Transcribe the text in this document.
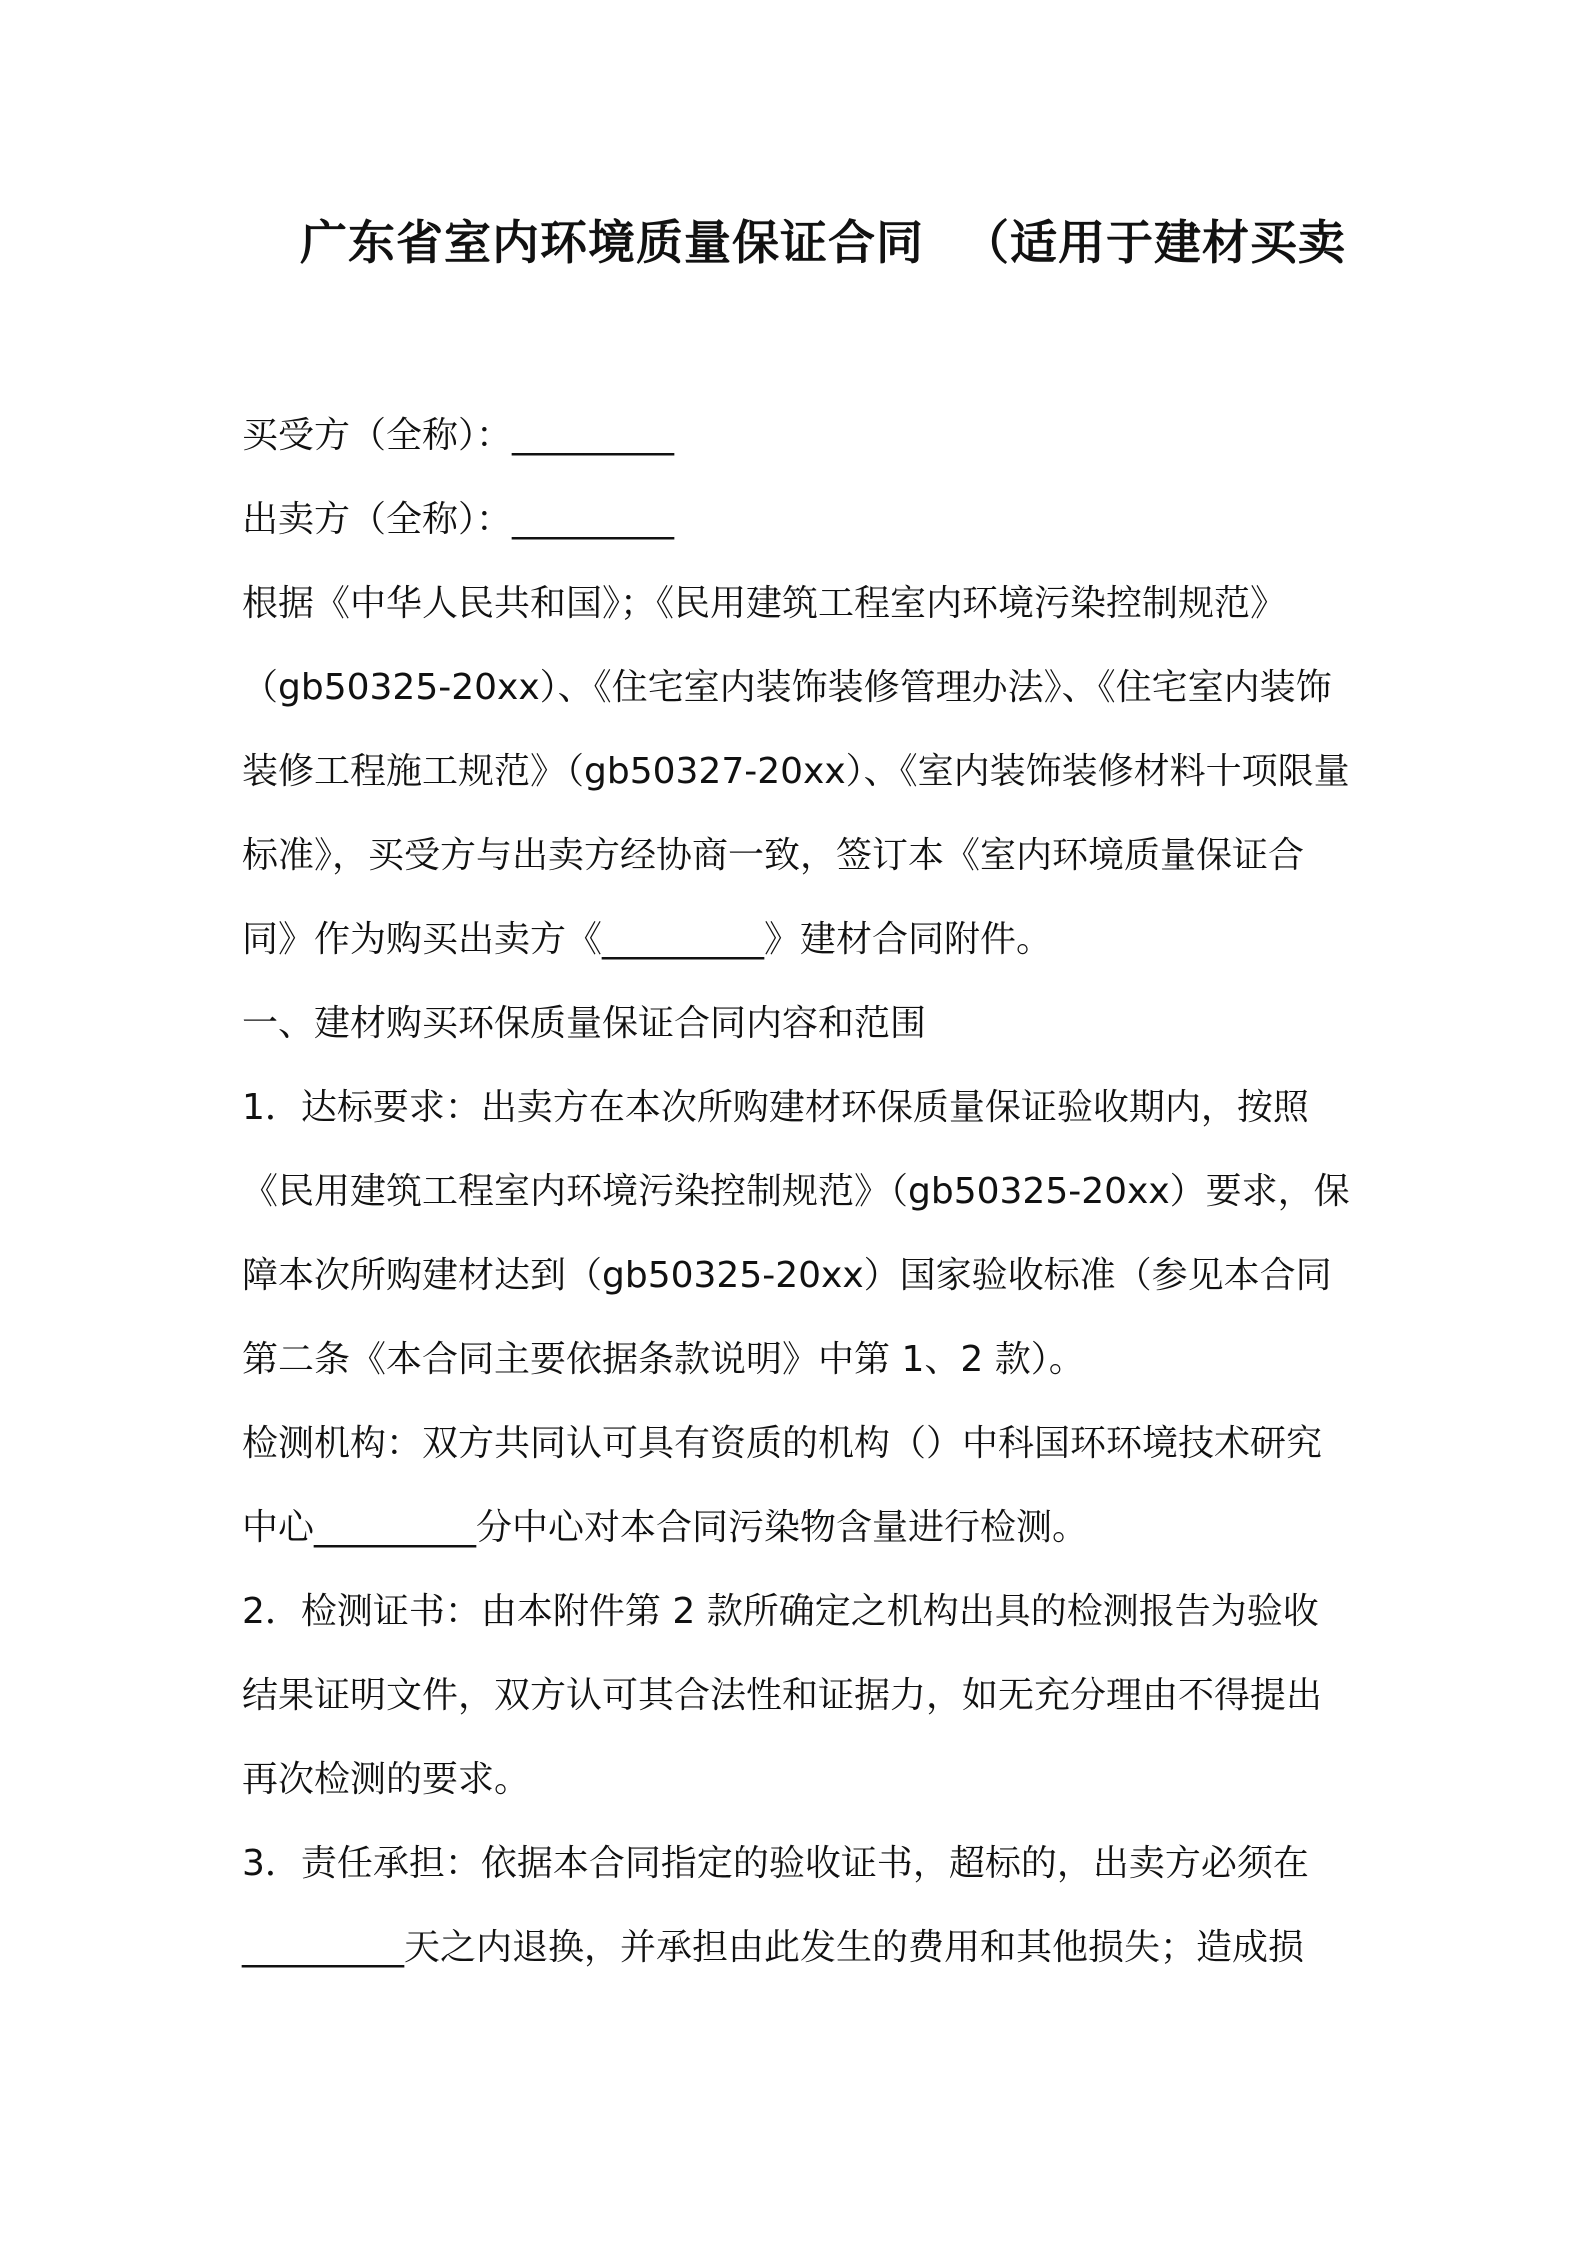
广东省室内环境质量保证合同 （适用于建材买卖
买受方（全称）：_________
出卖方（全称）：_________
根据《中华人民共和国》；《民用建筑工程室内环境污染控制规范》
（gb50325-20xx）、《住宅室内装饰装修管理办法》、《住宅室内装饰
装修工程施工规范》（gb50327-20xx）、《室内装饰装修材料十项限量
标准》，买受方与出卖方经协商一致，签订本《室内环境质量保证合
同》作为购买出卖方《_________》建材合同附件。
一、建材购买环保质量保证合同内容和范围
1．达标要求：出卖方在本次所购建材环保质量保证验收期内，按照
《民用建筑工程室内环境污染控制规范》（gb50325-20xx）要求，保
障本次所购建材达到（gb50325-20xx）国家验收标准（参见本合同
第二条《本合同主要依据条款说明》中第 1、2 款）。
检测机构：双方共同认可具有资质的机构（）中科国环环境技术研究
中心_________分中心对本合同污染物含量进行检测。
2．检测证书：由本附件第 2 款所确定之机构出具的检测报告为验收
结果证明文件，双方认可其合法性和证据力，如无充分理由不得提出
再次检测的要求。
3．责任承担：依据本合同指定的验收证书，超标的，出卖方必须在
_________天之内退换，并承担由此发生的费用和其他损失；造成损
